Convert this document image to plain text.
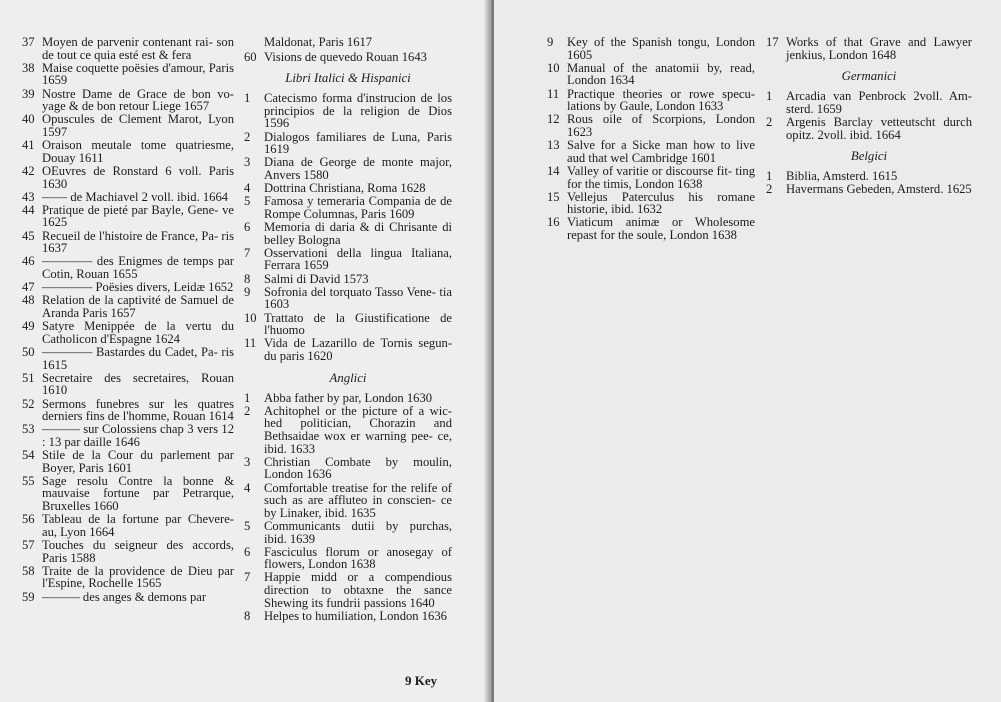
37 Moyen de parvenir contenant rai- son de tout ce quia esté est & fera
38 Maise coquette poësies d'amour, Paris 1659
39 Nostre Dame de Grace de bon vo- yage & de bon retour Liege 1657
40 Opuscules de Clement Marot, Lyon 1597
41 Oraison meutale tome quatriesme, Douay 1611
42 OEuvres de Ronstard 6 voll. Paris 1630
43 —— de Machiavel 2 voll. ibid. 1664
44 Pratique de pieté par Bayle, Gene- ve 1625
45 Recueil de l'histoire de France, Pa- ris 1637
46 ———— des Enigmes de temps par Cotin, Rouan 1655
47 ———— Poësies divers, Leidæ 1652
48 Relation de la captivité de Samuel de Aranda Paris 1657
49 Satyre Menippée de la vertu du Catholicon d'Espagne 1624
50 ———— Bastardes du Cadet, Pa- ris 1615
51 Secretaire des secretaires, Rouan 1610
52 Sermons funebres sur les quatres derniers fins de l'homme, Rouan 1614
53 ——— sur Colossiens chap 3 vers 12 : 13 par daille 1646
54 Stile de la Cour du parlement par Boyer, Paris 1601
55 Sage resolu Contre la bonne & mauvaise fortune par Petrarque, Bruxelles 1660
56 Tableau de la fortune par Chevere- au, Lyon 1664
57 Touches du seigneur des accords, Paris 1588
58 Traite de la providence de Dieu par l'Espine, Rochelle 1565
59 ——— des anges & demons par
Maldonat, Paris 1617
60 Visions de quevedo Rouan 1643
Libri Italici & Hispanici
1	Catecismo forma d'instrucion de los principios de la religion de Dios 1596
2	Dialogos familiares de Luna, Paris 1619
3	Diana de George de monte major, Anvers 1580
4	Dottrina Christiana, Roma 1628
5	Famosa y temeraria Compania de de Rompe Columnas, Paris 1609
6	Memoria di daria & di Chrisante di belley Bologna
7	Osservationi della lingua Italiana, Ferrara 1659
8	Salmi di David 1573
9	Sofronia del torquato Tasso Vene- tia 1603
10 Trattato de la Giustificatione de l'huomo
11 Vida de Lazarillo de Tornis segun- du paris 1620
Anglici
1	Abba father by par, London 1630
2	Achitophel or the picture of a wic- hed politician, Chorazin and Bethsaidae wox er warning pee- ce, ibid. 1633
3	Christian Combate by moulin, London 1636
4	Comfortable treatise for the relife of such as are affluteo in conscien- ce by Linaker, ibid. 1635
5	Communicants dutii by purchas, ibid. 1639
6	Fasciculus florum or anosegay of flowers, London 1638
7	Happie midd or a compendious direction to obtaxne the sance Shewing its fundrii passions 1640
8	Helpes to humiliation, London 1636
9 Key
9	Key of the Spanish tongu, London 1605
10 Manual of the anatomii by, read, London 1634
11 Practique theories or rowe specu- lations by Gaule, London 1633
12 Rous oile of Scorpions, London 1623
13 Salve for a Sicke man how to live aud that wel Cambridge 1601
14 Valley of varitie or discourse fit- ting for the timis, London 1638
15 Vellejus Paterculus his romane historie, ibid. 1632
16 Viaticum animæ or Wholesome repast for the soule, London 1638
17 Works of that Grave and Lawyer jenkius, London 1648
Germanici
1	Arcadia van Penbrock 2voll. Am- sterd. 1659
2	Argenis Barclay vetteutscht durch opitz. 2voll. ibid. 1664
Belgici
1	Biblia, Amsterd. 1615
2	Havermans Gebeden, Amsterd. 1625
